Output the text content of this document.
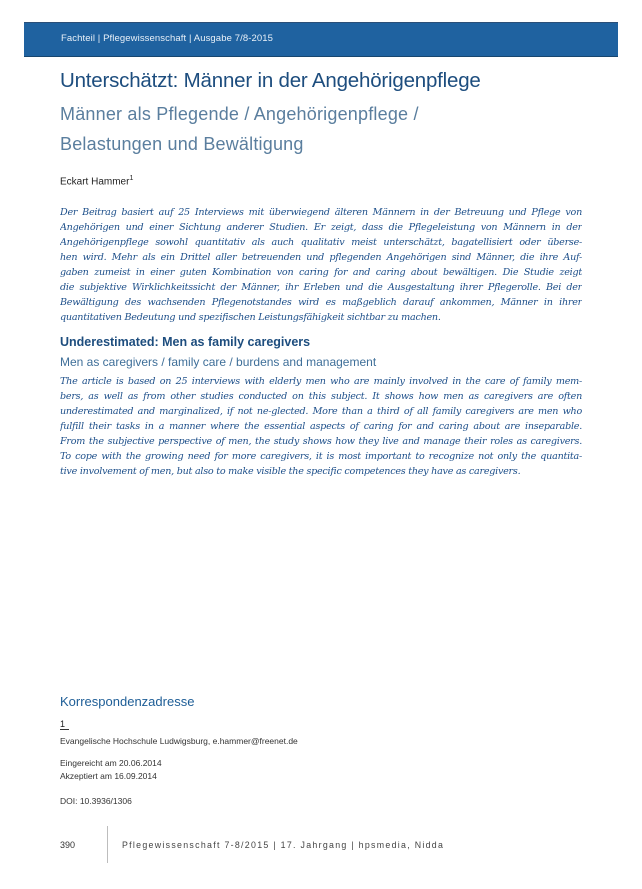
Fachteil | Pflegewissenschaft | Ausgabe 7/8-2015
Unterschätzt: Männer in der Angehörigenpflege
Männer als Pflegende / Angehörigenpflege /
Belastungen und Bewältigung
Eckart Hammer$^1$
Der Beitrag basiert auf 25 Interviews mit überwiegend älteren Männern in der Betreuung und Pflege von
Angehörigen und einer Sichtung anderer Studien. Er zeigt, dass die Pflegeleistung von Männern in der
Angehörigenpflege sowohl quantitativ als auch qualitativ meist unterschätzt, bagatellisiert oder überse-
hen wird. Mehr als ein Drittel aller betreuenden und pflegenden Angehörigen sind Männer, die ihre Auf-
gaben zumeist in einer guten Kombination von caring for and caring about bewältigen. Die Studie zeigt
die subjektive Wirklichkeitssicht der Männer, ihr Erleben und die Ausgestaltung ihrer Pflegerolle. Bei der
Bewältigung des wachsenden Pflegenotstandes wird es maßgeblich darauf ankommen, Männer in ihrer
quantitativen Bedeutung und spezifischen Leistungsfähigkeit sichtbar zu machen.
Underestimated: Men as family caregivers
Men as caregivers / family care / burdens and management
The article is based on 25 interviews with elderly men who are mainly involved in the care of family mem-
bers, as well as from other studies conducted on this subject. It shows how men as caregivers are often
underestimated and marginalized, if not ne-glected. More than a third of all family caregivers are men who
fulfill their tasks in a manner where the essential aspects of caring for and caring about are inseparable.
From the subjective perspective of men, the study shows how they live and manage their roles as caregivers.
To cope with the growing need for more caregivers, it is most important to recognize not only the quantita-
tive involvement of men, but also to make visible the specific competences they have as caregivers.
Korrespondenzadresse
1
Evangelische Hochschule Ludwigsburg, e.hammer@freenet.de
Eingereicht am 20.06.2014
Akzeptiert am 16.09.2014
DOI: 10.3936/1306
390	Pflegewissenschaft 7-8/2015 | 17. Jahrgang | hpsmedia, Nidda
